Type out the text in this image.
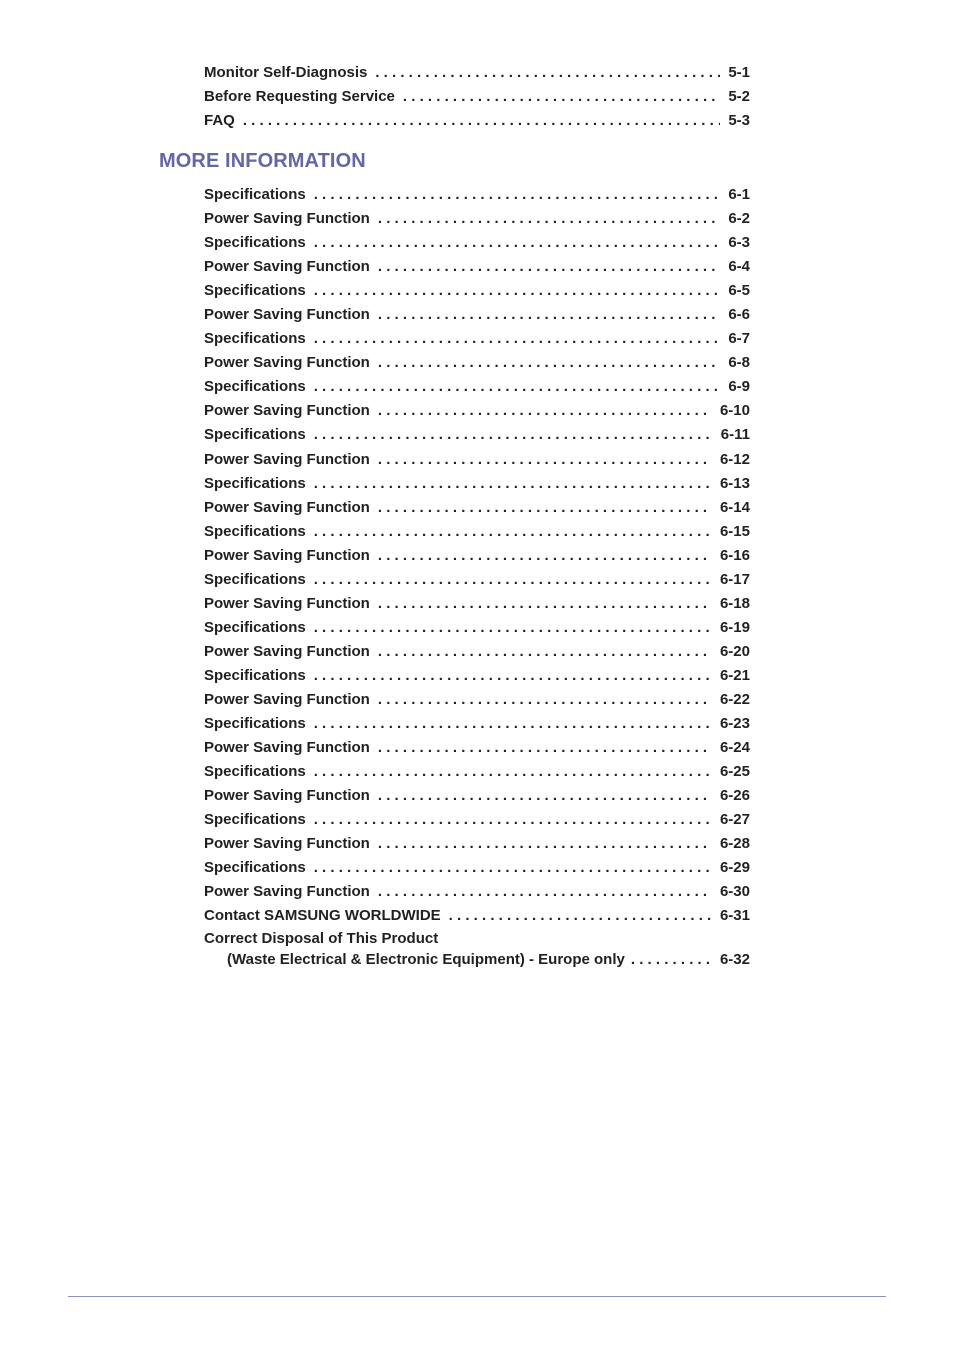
Monitor Self-Diagnosis . . .	5-1
Before Requesting Service . . .	5-2
FAQ . . .	5-3
MORE INFORMATION
Specifications . . .	6-1
Power Saving Function . . .	6-2
Specifications . . .	6-3
Power Saving Function . . .	6-4
Specifications . . .	6-5
Power Saving Function . . .	6-6
Specifications . . .	6-7
Power Saving Function . . .	6-8
Specifications . . .	6-9
Power Saving Function . . .	6-10
Specifications . . .	6-11
Power Saving Function . . .	6-12
Specifications . . .	6-13
Power Saving Function . . .	6-14
Specifications . . .	6-15
Power Saving Function . . .	6-16
Specifications . . .	6-17
Power Saving Function . . .	6-18
Specifications . . .	6-19
Power Saving Function . . .	6-20
Specifications . . .	6-21
Power Saving Function . . .	6-22
Specifications . . .	6-23
Power Saving Function . . .	6-24
Specifications . . .	6-25
Power Saving Function . . .	6-26
Specifications . . .	6-27
Power Saving Function . . .	6-28
Specifications . . .	6-29
Power Saving Function . . .	6-30
Contact SAMSUNG WORLDWIDE . . .	6-31
Correct Disposal of This Product
(Waste Electrical & Electronic Equipment) - Europe only . . .	6-32
